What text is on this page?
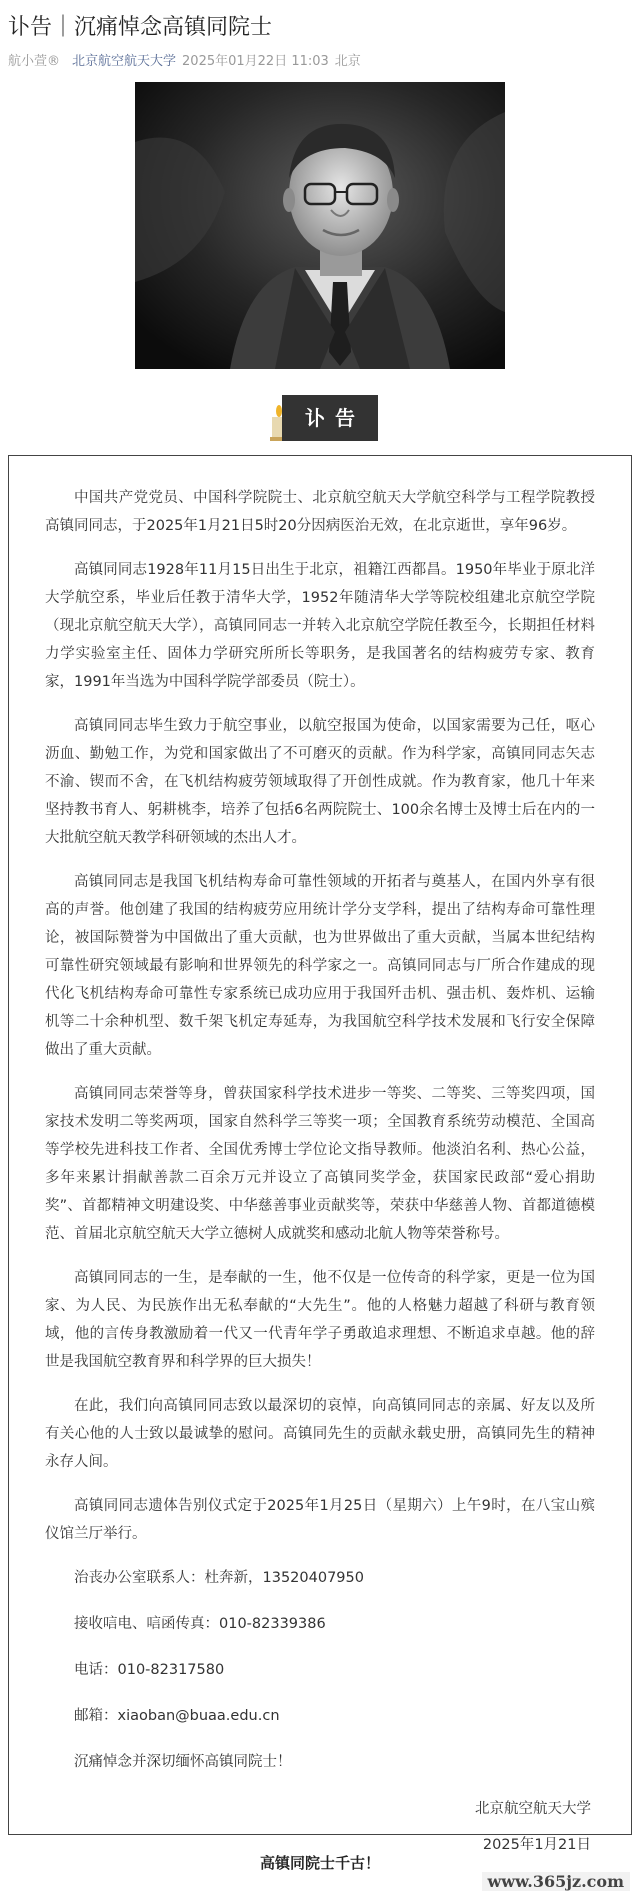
讣告｜沉痛悼念高镇同院士
航小萱® 北京航空航天大学 2025年01月22日 11:03 北京
讣告

中国共产党党员、中国科学院院士、北京航空航天大学航空科学与工程学院教授高镇同同志，于2025年1月21日5时20分因病医治无效，在北京逝世，享年96岁。

高镇同同志1928年11月15日出生于北京，祖籍江西都昌。1950年毕业于原北洋大学航空系，毕业后任教于清华大学，1952年随清华大学等院校组建北京航空学院（现北京航空航天大学），高镇同同志一并转入北京航空学院任教至今，长期担任材料力学实验室主任、固体力学研究所所长等职务，是我国著名的结构疲劳专家、教育家，1991年当选为中国科学院学部委员（院士）。

高镇同同志毕生致力于航空事业，以航空报国为使命，以国家需要为己任，呕心沥血、勤勉工作，为党和国家做出了不可磨灭的贡献。作为科学家，高镇同同志矢志不渝、锲而不舍，在飞机结构疲劳领域取得了开创性成就。作为教育家，他几十年来坚持教书育人、躬耕桃李，培养了包括6名两院院士、100余名博士及博士后在内的一大批航空航天教学科研领域的杰出人才。

高镇同同志是我国飞机结构寿命可靠性领域的开拓者与奠基人，在国内外享有很高的声誉。他创建了我国的结构疲劳应用统计学分支学科，提出了结构寿命可靠性理论，被国际赞誉为中国做出了重大贡献，也为世界做出了重大贡献，当属本世纪结构可靠性研究领域最有影响和世界领先的科学家之一。高镇同同志与厂所合作建成的现代化飞机结构寿命可靠性专家系统已成功应用于我国歼击机、强击机、轰炸机、运输机等二十余种机型、数千架飞机定寿延寿，为我国航空科学技术发展和飞行安全保障做出了重大贡献。

高镇同同志荣誉等身，曾获国家科学技术进步一等奖、二等奖、三等奖四项，国家技术发明二等奖两项，国家自然科学三等奖一项；全国教育系统劳动模范、全国高等学校先进科技工作者、全国优秀博士学位论文指导教师。他淡泊名利、热心公益，多年来累计捐献善款二百余万元并设立了高镇同奖学金，获国家民政部“爱心捐助奖”、首都精神文明建设奖、中华慈善事业贡献奖等，荣获中华慈善人物、首都道德模范、首届北京航空航天大学立德树人成就奖和感动北航人物等荣誉称号。

高镇同同志的一生，是奉献的一生，他不仅是一位传奇的科学家，更是一位为国家、为人民、为民族作出无私奉献的“大先生”。他的人格魅力超越了科研与教育领域，他的言传身教激励着一代又一代青年学子勇敢追求理想、不断追求卓越。他的辞世是我国航空教育界和科学界的巨大损失！

在此，我们向高镇同同志致以最深切的哀悼，向高镇同同志的亲属、好友以及所有关心他的人士致以最诚挚的慰问。高镇同先生的贡献永载史册，高镇同先生的精神永存人间。

高镇同同志遗体告别仪式定于2025年1月25日（星期六）上午9时，在八宝山殡仪馆兰厅举行。

治丧办公室联系人：杜奔新，13520407950

接收唁电、唁函传真：010-82339386

电话：010-82317580

邮箱：xiaoban@buaa.edu.cn

沉痛悼念并深切缅怀高镇同院士！

北京航空航天大学
2025年1月21日
高镇同院士千古！
www.365jz.com
